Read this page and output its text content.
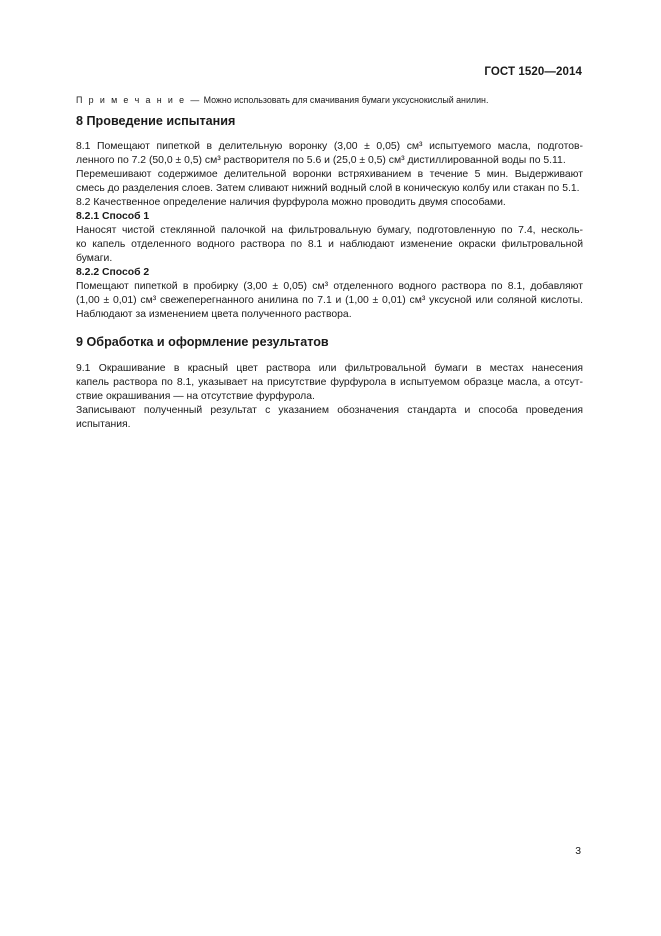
ГОСТ 1520—2014
П р и м е ч а н и е — Можно использовать для смачивания бумаги уксуснокислый анилин.
8 Проведение испытания
8.1 Помещают пипеткой в делительную воронку (3,00 ± 0,05) см³ испытуемого масла, подготов-
ленного по 7.2 (50,0 ± 0,5) см³ растворителя по 5.6 и (25,0 ± 0,5) см³ дистиллированной воды по 5.11.
Перемешивают содержимое делительной воронки встряхиванием в течение 5 мин. Выдерживают
смесь до разделения слоев. Затем сливают нижний водный слой в коническую колбу или стакан по 5.1.
8.2 Качественное определение наличия фурфурола можно проводить двумя способами.
8.2.1 Способ 1
Наносят чистой стеклянной палочкой на фильтровальную бумагу, подготовленную по 7.4, несколь-
ко капель отделенного водного раствора по 8.1 и наблюдают изменение окраски фильтровальной
бумаги.
8.2.2 Способ 2
Помещают пипеткой в пробирку (3,00 ± 0,05) см³ отделенного водного раствора по 8.1, добавляют
(1,00 ± 0,01) см³ свежеперегнанного анилина по 7.1 и (1,00 ± 0,01) см³ уксусной или соляной кислоты.
Наблюдают за изменением цвета полученного раствора.
9 Обработка и оформление результатов
9.1 Окрашивание в красный цвет раствора или фильтровальной бумаги в местах нанесения
капель раствора по 8.1, указывает на присутствие фурфурола в испытуемом образце масла, а отсут-
ствие окрашивания — на отсутствие фурфурола.
Записывают полученный результат с указанием обозначения стандарта и способа проведения
испытания.
3
